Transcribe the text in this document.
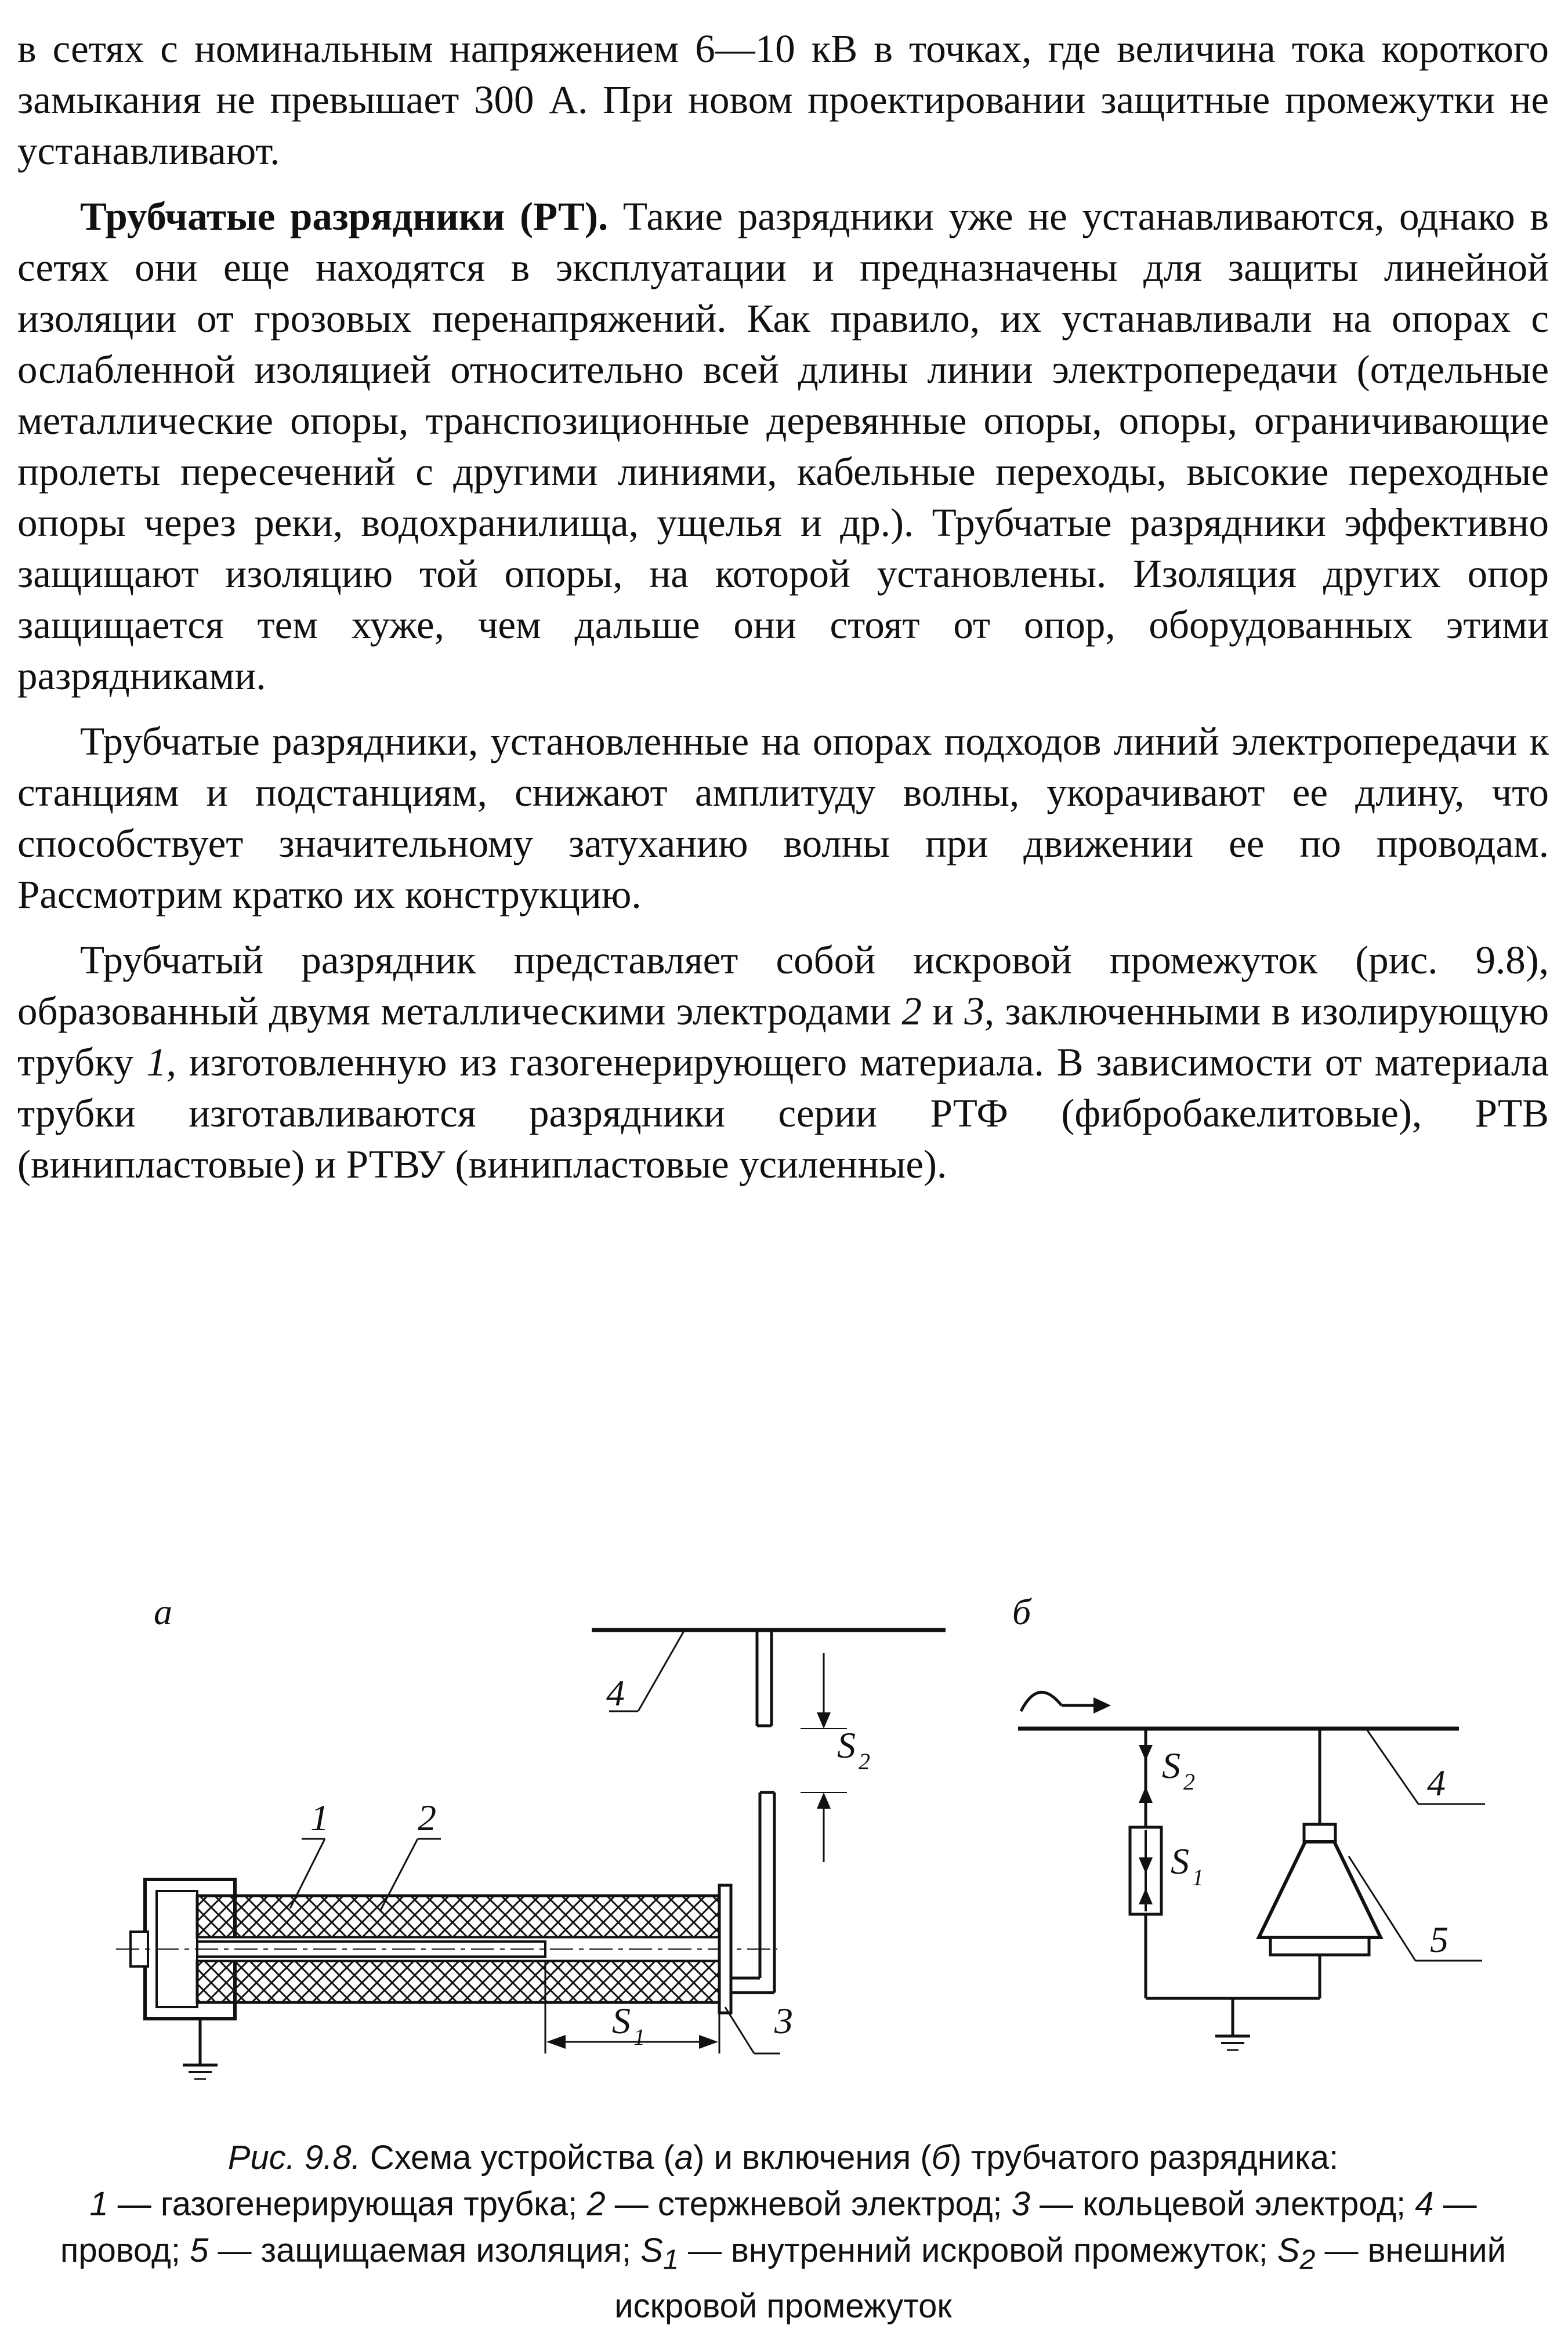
в сетях с номинальным напряжением 6—10 кВ в точках, где величина тока короткого замыкания не превышает 300 А. При новом проектировании защитные промежутки не устанавливают.

Трубчатые разрядники (РТ). Такие разрядники уже не устанавливаются, однако в сетях они еще находятся в эксплуатации и предназначены для защиты линейной изоляции от грозовых перенапряжений. Как правило, их устанавливали на опорах с ослабленной изоляцией относительно всей длины линии электропередачи (отдельные металлические опоры, транспозиционные деревянные опоры, опоры, ограничивающие пролеты пересечений с другими линиями, кабельные переходы, высокие переходные опоры через реки, водохранилища, ущелья и др.). Трубчатые разрядники эффективно защищают изоляцию той опоры, на которой установлены. Изоляция других опор защищается тем хуже, чем дальше они стоят от опор, оборудованных этими разрядниками.

Трубчатые разрядники, установленные на опорах подходов линий электропередачи к станциям и подстанциям, снижают амплитуду волны, укорачивают ее длину, что способствует значительному затуханию волны при движении ее по проводам. Рассмотрим кратко их конструкцию.

Трубчатый разрядник представляет собой искровой промежуток (рис. 9.8), образованный двумя металлическими электродами 2 и 3, заключенными в изолирующую трубку 1, изготовленную из газогенерирующего материала. В зависимости от материала трубки изготавливаются разрядники серии РТФ (фибробакелитовые), РТВ (винипластовые) и РТВУ (винипластовые усиленные).

а
4
S 2
1 2
S 1	3
б
4
S 2
S 1
5
Рис. 9.8. Схема устройства (а) и включения (б) трубчатого разрядника:
1 — газогенерирующая трубка; 2 — стержневой электрод; 3 — кольцевой электрод; 4 — провод; 5 — защищаемая изоляция; $S_1$ — внутренний искровой промежуток; $S_2$ — внешний искровой промежуток
